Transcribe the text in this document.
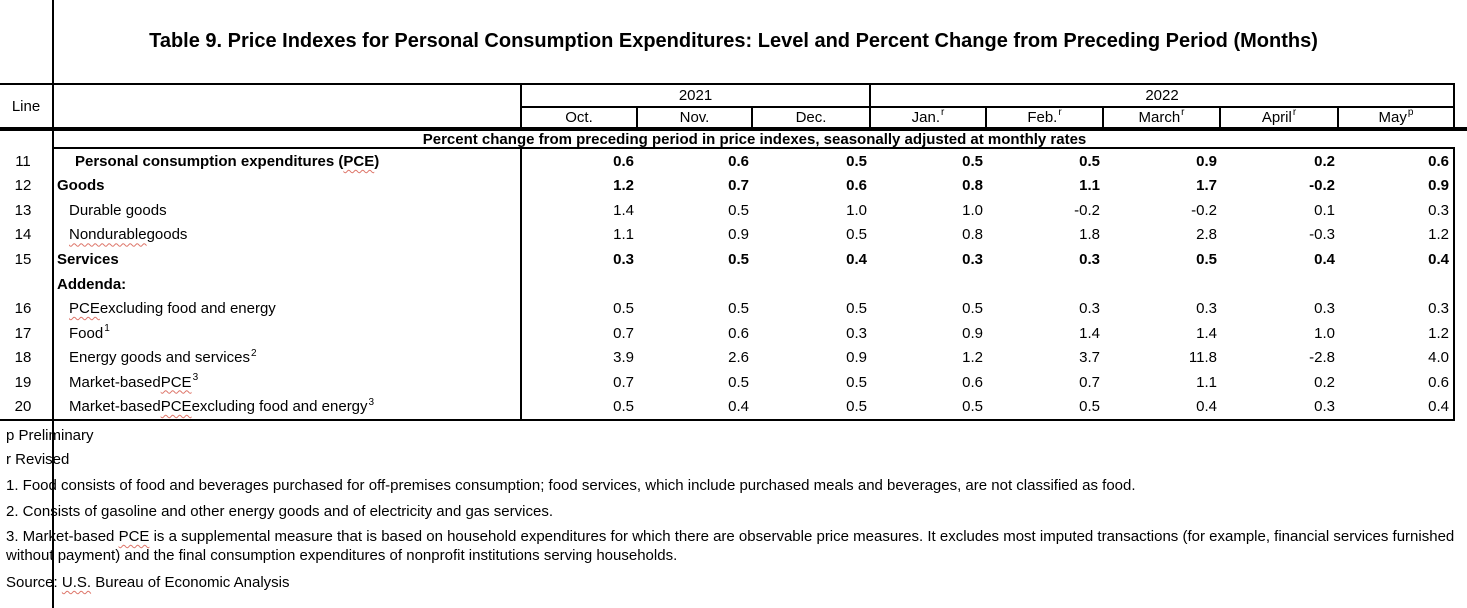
Table 9. Price Indexes for Personal Consumption Expenditures: Level and Percent Change from Preceding Period (Months)
Line
2021	2022
Oct.	Nov.	Dec.	Jan.$^r$	Feb.$^r$	March$^r$	April$^r$	May$^p$
Percent change from preceding period in price indexes, seasonally adjusted at monthly rates
11	Personal consumption expenditures ( PCE )	0.6	0.6	0.5	0.5	0.5	0.9	0.2	0.6
12	Goods	1.2	0.7	0.6	0.8	1.1	1.7	-0.2	0.9
13	Durable goods	1.4	0.5	1.0	1.0	-0.2	-0.2	0.1	0.3
14	Nondurable goods	1.1	0.9	0.5	0.8	1.8	2.8	-0.3	1.2
15	Services	0.3	0.5	0.4	0.3	0.3	0.5	0.4	0.4
Addenda:
16	PCE excluding food and energy	0.5	0.5	0.5	0.5	0.3	0.3	0.3	0.3
17	Food$^1$	0.7	0.6	0.3	0.9	1.4	1.4	1.0	1.2
18	Energy goods and services$^2$	3.9	2.6	0.9	1.2	3.7	11.8	-2.8	4.0
19	Market-based PCE$^3$	0.7	0.5	0.5	0.6	0.7	1.1	0.2	0.6
20	Market-based PCE excluding food and energy$^3$	0.5	0.4	0.5	0.5	0.5	0.4	0.3	0.4

p Preliminary

r Revised

1. Food consists of food and beverages purchased for off-premises consumption; food services, which include purchased meals and beverages, are not classified as food.

2. Consists of gasoline and other energy goods and of electricity and gas services.

3. Market-based PCE is a supplemental measure that is based on household expenditures for which there are observable price measures. It excludes most imputed transactions (for example, financial services furnished without payment) and the final consumption expenditures of nonprofit institutions serving households.

Source: U.S. Bureau of Economic Analysis
